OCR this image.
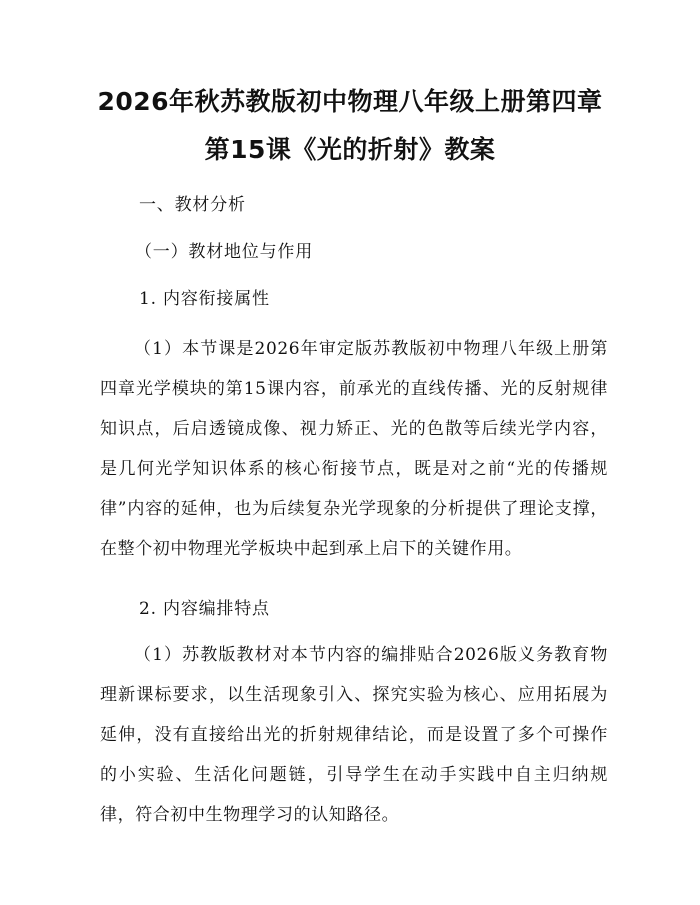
2026年秋苏教版初中物理八年级上册第四章
第15课《光的折射》教案
一、教材分析
（一）教材地位与作用
1. 内容衔接属性
（1）本节课是2026年审定版苏教版初中物理八年级上册第四章光学模块的第15课内容，前承光的直线传播、光的反射规律知识点，后启透镜成像、视力矫正、光的色散等后续光学内容，是几何光学知识体系的核心衔接节点，既是对之前“光的传播规律”内容的延伸，也为后续复杂光学现象的分析提供了理论支撑，在整个初中物理光学板块中起到承上启下的关键作用。
2. 内容编排特点
（1）苏教版教材对本节内容的编排贴合2026版义务教育物理新课标要求，以生活现象引入、探究实验为核心、应用拓展为延伸，没有直接给出光的折射规律结论，而是设置了多个可操作的小实验、生活化问题链，引导学生在动手实践中自主归纳规律，符合初中生物理学习的认知路径。
